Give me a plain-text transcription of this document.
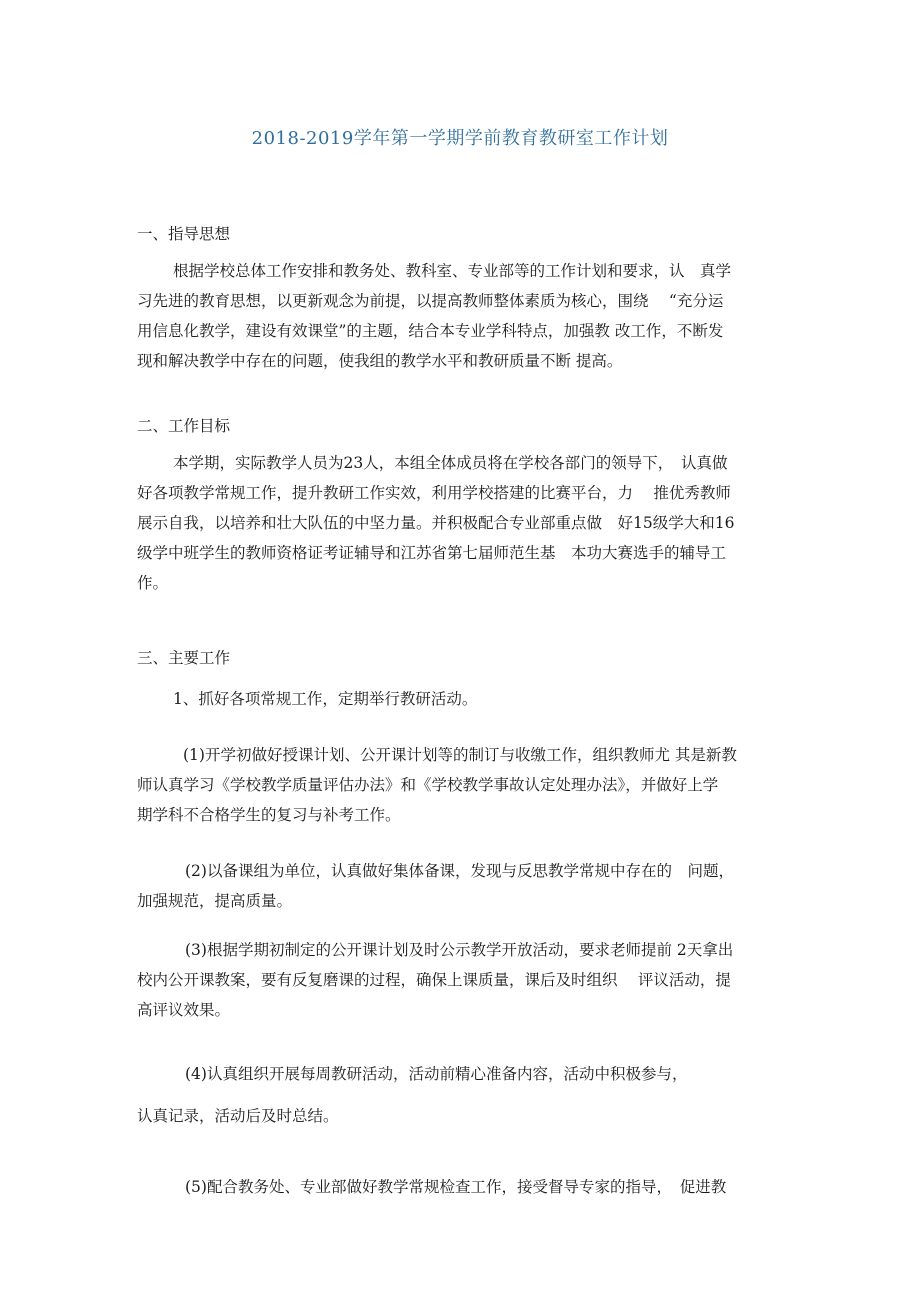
2018-2019学年第一学期学前教育教研室工作计划
一、指导思想
根据学校总体工作安排和教务处、教科室、专业部等的工作计划和要求，认　真学
习先进的教育思想，以更新观念为前提，以提高教师整体素质为核心，围绕　 “充分运
用信息化教学，建设有效课堂”的主题，结合本专业学科特点，加强教 改工作，不断发
现和解决教学中存在的问题，使我组的教学水平和教研质量不断 提高。
二、工作目标
本学期，实际教学人员为23人，本组全体成员将在学校各部门的领导下，　认真做
好各项教学常规工作，提升教研工作实效，利用学校搭建的比赛平台，力　 推优秀教师
展示自我，以培养和壮大队伍的中坚力量。并积极配合专业部重点做　好15级学大和16
级学中班学生的教师资格证考证辅导和江苏省第七届师范生基　本功大赛选手的辅导工
作。
三、主要工作
1、抓好各项常规工作，定期举行教研活动。
(1)开学初做好授课计划、公开课计划等的制订与收缴工作，组织教师尤 其是新教
师认真学习《学校教学质量评估办法》和《学校教学事故认定处理办法》，并做好上学
期学科不合格学生的复习与补考工作。
(2)以备课组为单位，认真做好集体备课，发现与反思教学常规中存在的　问题，
加强规范，提高质量。
(3)根据学期初制定的公开课计划及时公示教学开放活动，要求老师提前 2天拿出
校内公开课教案，要有反复磨课的过程，确保上课质量，课后及时组织　 评议活动，提
高评议效果。
(4)认真组织开展每周教研活动，活动前精心准备内容，活动中积极参与，
认真记录，活动后及时总结。
(5)配合教务处、专业部做好教学常规检查工作，接受督导专家的指导，　促进教
